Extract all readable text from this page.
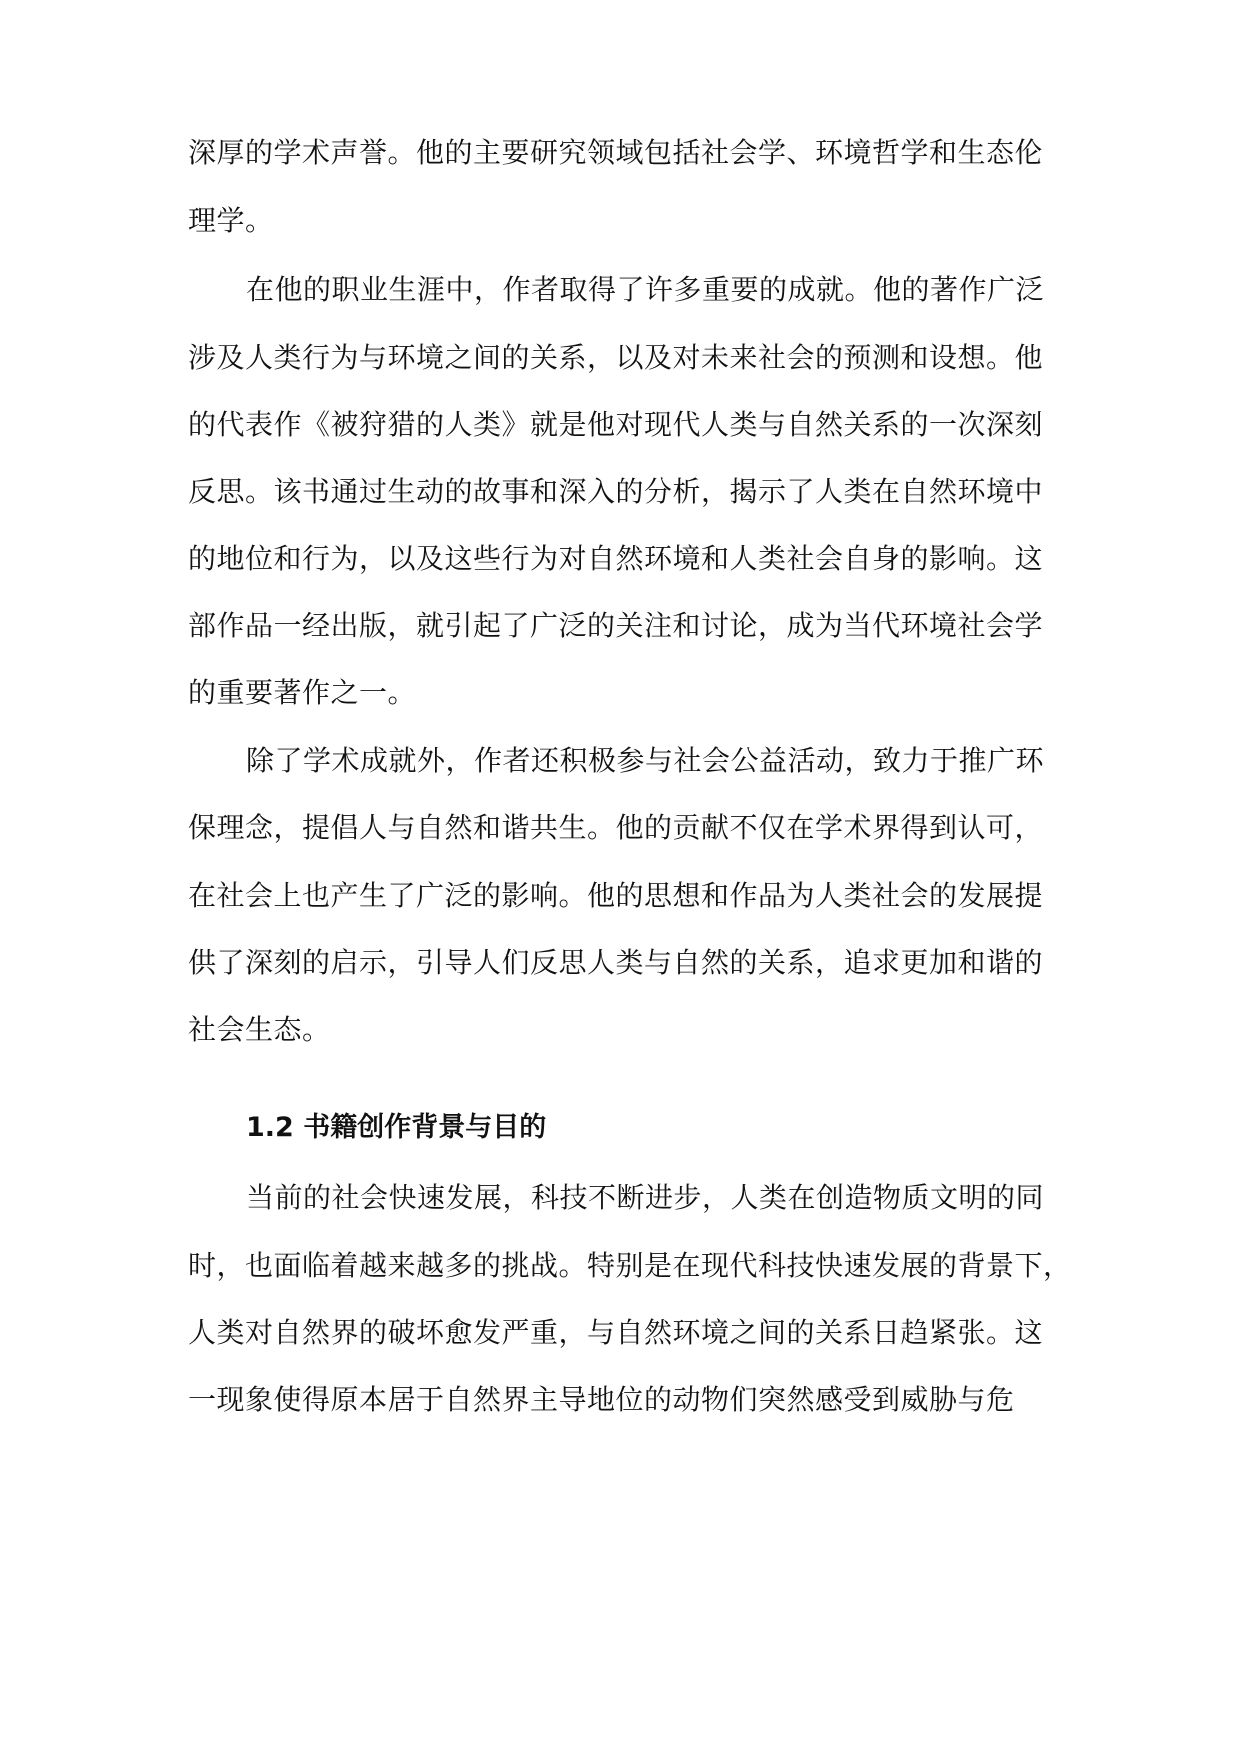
深厚的学术声誉。他的主要研究领域包括社会学、环境哲学和生态伦
理学。
在他的职业生涯中，作者取得了许多重要的成就。他的著作广泛
涉及人类行为与环境之间的关系，以及对未来社会的预测和设想。他
的代表作《被狩猎的人类》就是他对现代人类与自然关系的一次深刻
反思。该书通过生动的故事和深入的分析，揭示了人类在自然环境中
的地位和行为，以及这些行为对自然环境和人类社会自身的影响。这
部作品一经出版，就引起了广泛的关注和讨论，成为当代环境社会学
的重要著作之一。
除了学术成就外，作者还积极参与社会公益活动，致力于推广环
保理念，提倡人与自然和谐共生。他的贡献不仅在学术界得到认可，
在社会上也产生了广泛的影响。他的思想和作品为人类社会的发展提
供了深刻的启示，引导人们反思人类与自然的关系，追求更加和谐的
社会生态。
1.2 书籍创作背景与目的
当前的社会快速发展，科技不断进步，人类在创造物质文明的同
时，也面临着越来越多的挑战。特别是在现代科技快速发展的背景下，
人类对自然界的破坏愈发严重，与自然环境之间的关系日趋紧张。这
一现象使得原本居于自然界主导地位的动物们突然感受到威胁与危
